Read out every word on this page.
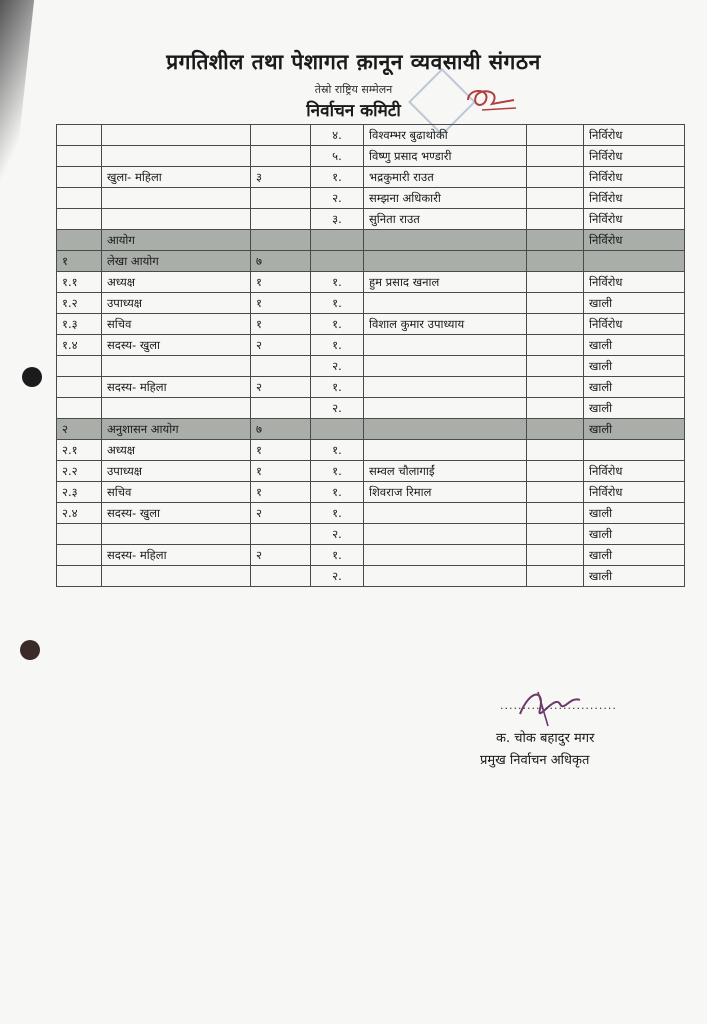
प्रगतिशील तथा पेशागत क़ानून व्यवसायी संगठन
तेस्रो राष्ट्रिय सम्मेलन
निर्वाचन कमिटी
			४.	विश्वम्भर बुढाथोकी		निर्विरोध
			५.	विष्णु प्रसाद भण्डारी		निर्विरोध
	खुला- महिला	३	१.	भद्रकुमारी राउत		निर्विरोध
			२.	सम्झना अधिकारी		निर्विरोध
			३.	सुनिता राउत		निर्विरोध
	आयोग					निर्विरोध
१	लेखा आयोग	७				
१.१	अध्यक्ष	१	१.	हुम प्रसाद खनाल		निर्विरोध
१.२	उपाध्यक्ष	१	१.			खाली
१.३	सचिव	१	१.	विशाल कुमार उपाध्याय		निर्विरोध
१.४	सदस्य- खुला	२	१.			खाली
			२.			खाली
	सदस्य- महिला	२	१.			खाली
			२.			खाली
२	अनुशासन आयोग	७				खाली
२.१	अध्यक्ष	१	१.			
२.२	उपाध्यक्ष	१	१.	सम्वल चौलागाईं		निर्विरोध
२.३	सचिव	१	१.	शिवराज रिमाल		निर्विरोध
२.४	सदस्य- खुला	२	१.			खाली
			२.			खाली
	सदस्य- महिला	२	१.			खाली
			२.			खाली
..........................
क. चोक बहादुर मगर
प्रमुख निर्वाचन अधिकृत
